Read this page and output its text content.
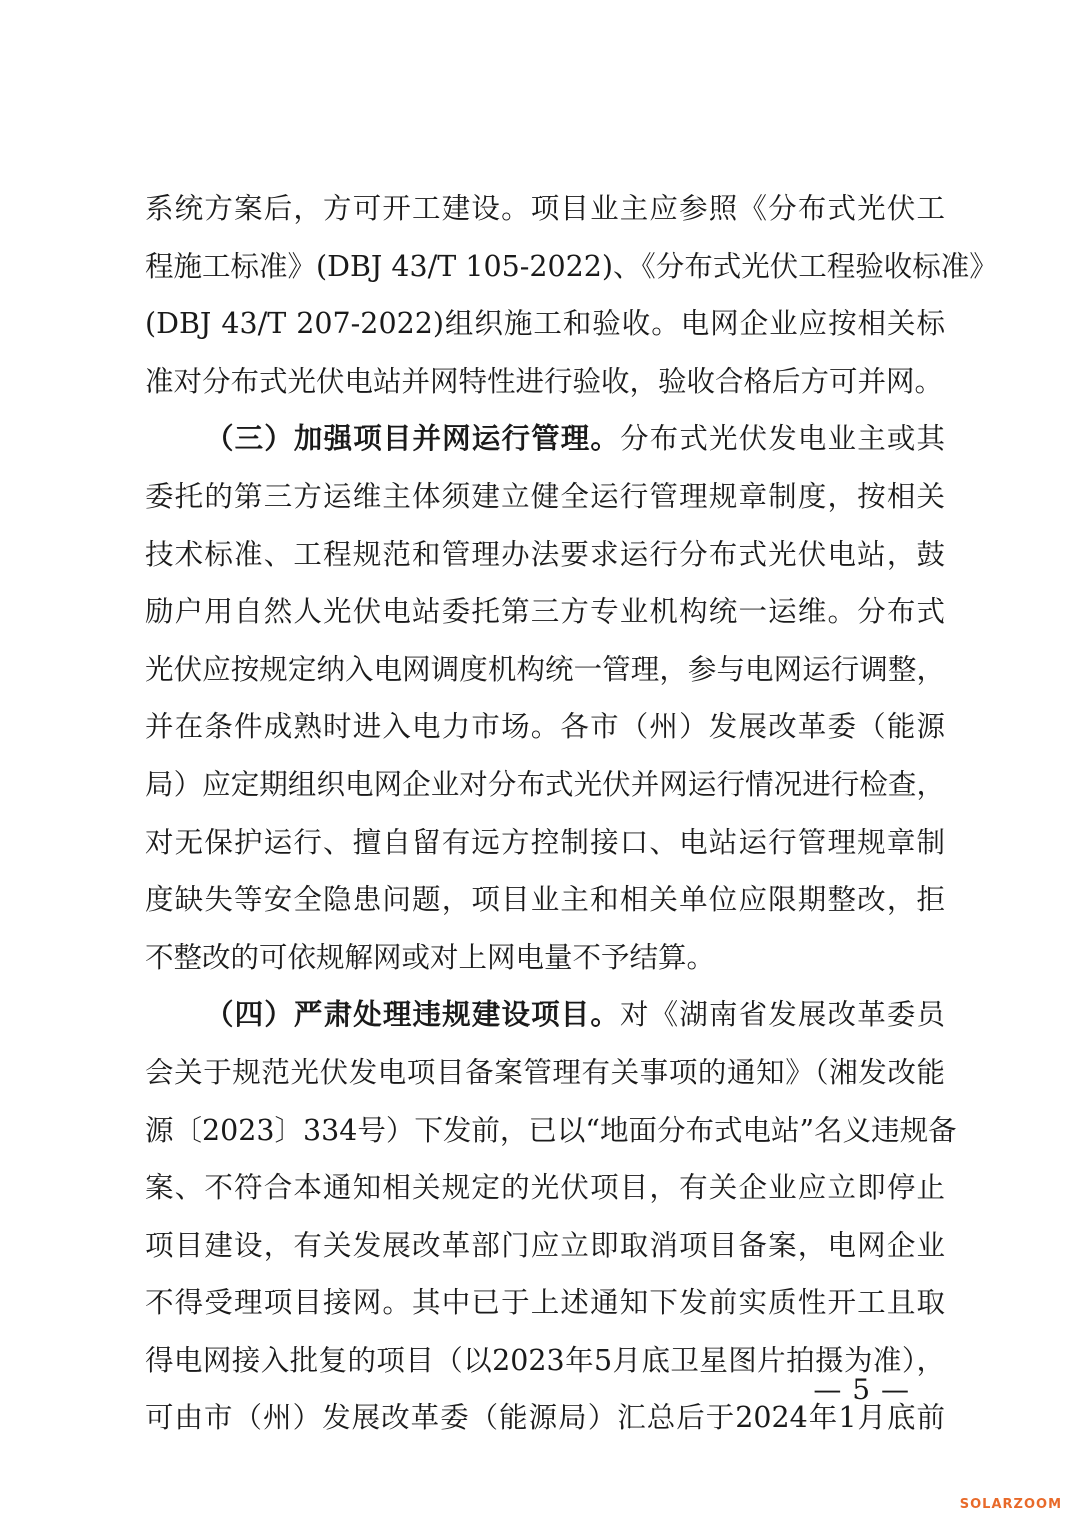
系统方案后，方可开工建设。项目业主应参照《分布式光伏工
程施工标准》(DBJ 43/T 105-2022)、《分布式光伏工程验收标准》
(DBJ 43/T 207-2022)组织施工和验收。电网企业应按相关标
准对分布式光伏电站并网特性进行验收，验收合格后方可并网。
（三）加强项目并网运行管理。分布式光伏发电业主或其
委托的第三方运维主体须建立健全运行管理规章制度，按相关
技术标准、工程规范和管理办法要求运行分布式光伏电站，鼓
励户用自然人光伏电站委托第三方专业机构统一运维。分布式
光伏应按规定纳入电网调度机构统一管理，参与电网运行调整，
并在条件成熟时进入电力市场。各市（州）发展改革委（能源
局）应定期组织电网企业对分布式光伏并网运行情况进行检查，
对无保护运行、擅自留有远方控制接口、电站运行管理规章制
度缺失等安全隐患问题，项目业主和相关单位应限期整改，拒
不整改的可依规解网或对上网电量不予结算。
（四）严肃处理违规建设项目。对《湖南省发展改革委员
会关于规范光伏发电项目备案管理有关事项的通知》（湘发改能
源〔2023〕334号）下发前，已以“地面分布式电站”名义违规备
案、不符合本通知相关规定的光伏项目，有关企业应立即停止
项目建设，有关发展改革部门应立即取消项目备案，电网企业
不得受理项目接网。其中已于上述通知下发前实质性开工且取
得电网接入批复的项目（以2023年5月底卫星图片拍摄为准），
可由市（州）发展改革委（能源局）汇总后于2024年1月底前
— 5 —
SOLARZOOM
